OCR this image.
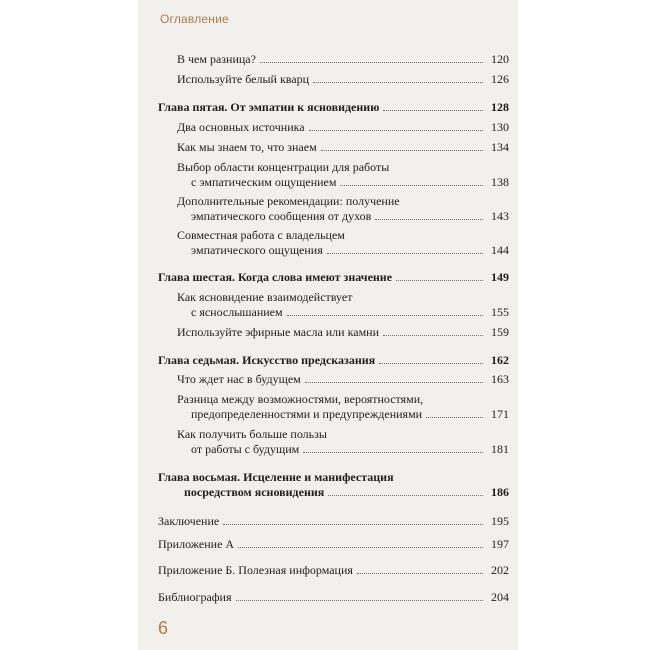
Оглавление
В чем разница?	120
Используйте белый кварц	126
Глава пятая. От эмпатии к ясновидению	128
Два основных источника	130
Как мы знаем то, что знаем	134
Выбор области концентрации для работы
с эмпатическим ощущением	138
Дополнительные рекомендации: получение
эмпатического сообщения от духов	143
Совместная работа с владельцем
эмпатического ощущения	144
Глава шестая. Когда слова имеют значение	149
Как ясновидение взаимодействует
с яснослышанием	155
Используйте эфирные масла или камни	159
Глава седьмая. Искусство предсказания	162
Что ждет нас в будущем	163
Разница между возможностями, вероятностями,
предопределенностями и предупреждениями	171
Как получить больше пользы
от работы с будущим	181
Глава восьмая. Исцеление и манифестация
посредством ясновидения	186
Заключение	195
Приложение А	197
Приложение Б. Полезная информация	202
Библиография	204
6
